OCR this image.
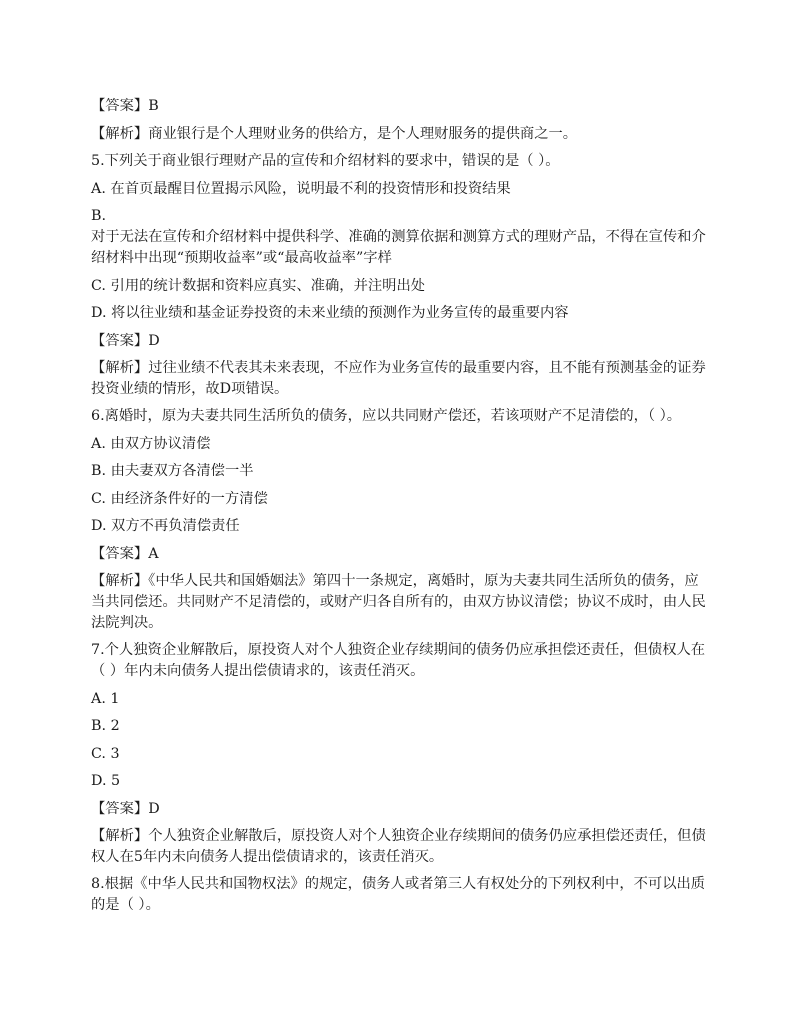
【答案】B

【解析】商业银行是个人理财业务的供给方，是个人理财服务的提供商之一。

5.下列关于商业银行理财产品的宣传和介绍材料的要求中，错误的是（ ）。

A. 在首页最醒目位置揭示风险，说明最不利的投资情形和投资结果

B.

对于无法在宣传和介绍材料中提供科学、准确的测算依据和测算方式的理财产品，不得在宣传和介绍材料中出现“预期收益率”或“最高收益率”字样

C. 引用的统计数据和资料应真实、准确，并注明出处

D. 将以往业绩和基金证券投资的未来业绩的预测作为业务宣传的最重要内容

【答案】D

【解析】过往业绩不代表其未来表现，不应作为业务宣传的最重要内容，且不能有预测基金的证券投资业绩的情形，故D项错误。

6.离婚时，原为夫妻共同生活所负的债务，应以共同财产偿还，若该项财产不足清偿的，（ ）。

A. 由双方协议清偿

B. 由夫妻双方各清偿一半

C. 由经济条件好的一方清偿

D. 双方不再负清偿责任

【答案】A

【解析】《中华人民共和国婚姻法》第四十一条规定，离婚时，原为夫妻共同生活所负的债务，应当共同偿还。共同财产不足清偿的，或财产归各自所有的，由双方协议清偿；协议不成时，由人民法院判决。

7.个人独资企业解散后，原投资人对个人独资企业存续期间的债务仍应承担偿还责任，但债权人在（ ）年内未向债务人提出偿债请求的，该责任消灭。

A. 1

B. 2

C. 3

D. 5

【答案】D

【解析】个人独资企业解散后，原投资人对个人独资企业存续期间的债务仍应承担偿还责任，但债权人在5年内未向债务人提出偿债请求的，该责任消灭。

8.根据《中华人民共和国物权法》的规定，债务人或者第三人有权处分的下列权利中，不可以出质的是（ ）。
